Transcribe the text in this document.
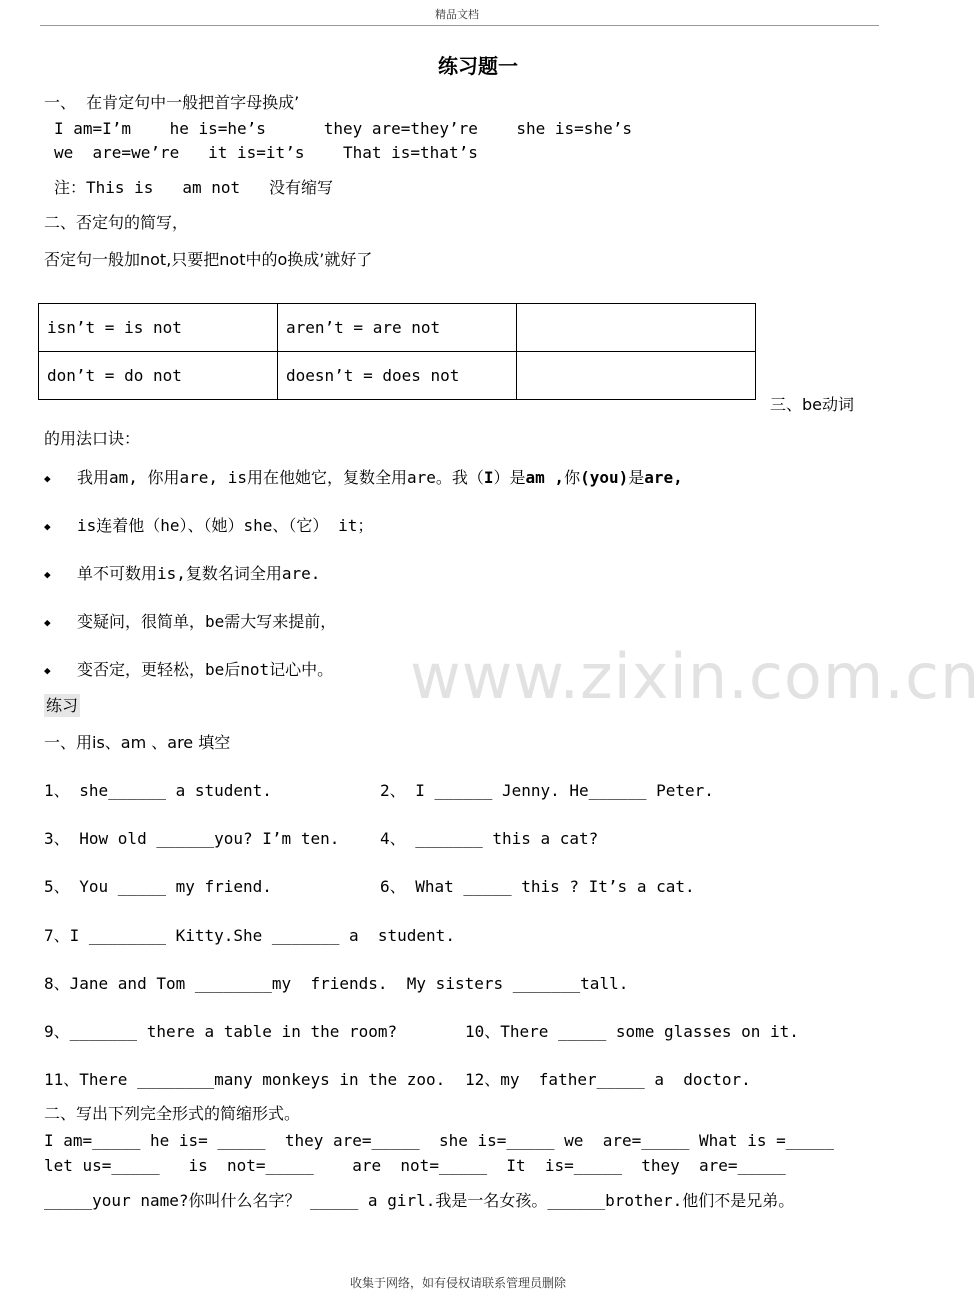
精品文档
练习题一
一、  在肯定句中一般把首字母换成’
I am=I’m    he is=he’s      they are=they’re    she is=she’s
we  are=we’re   it is=it’s    That is=that’s
注：This is   am not   没有缩写
二、否定句的简写，
否定句一般加not,只要把not中的o换成’就好了
isn’t = is not	aren’t = are not	
don’t = do not	doesn’t = does not	
三、be动词
的用法口诀：
◆ 我用am, 你用are, is用在他她它，复数全用are。我（I）是am ,你(you)是are,
◆ is连着他（he）、（她）she、（它） it；
◆ 单不可数用is,复数名词全用are.
◆ 变疑问，很简单，be需大写来提前，
◆ 变否定，更轻松，be后not记心中。 www.zixin.com.cn
练习
一、用is、am 、are 填空
1、 she______ a student.	2、 I ______ Jenny. He______ Peter.
3、 How old ______you? I’m ten.	4、 _______ this a cat?
5、 You _____ my friend.	6、 What _____ this ? It’s a cat.
7、I ________ Kitty.She _______ a  student.
8、Jane and Tom ________my  friends.  My sisters _______tall.
9、_______ there a table in the room?	10、There _____ some glasses on it.
11、There ________many monkeys in the zoo. 12、my  father_____ a  doctor.
二、写出下列完全形式的简缩形式。
I am=_____ he is= _____  they are=_____  she is=_____ we  are=_____ What is =_____
let us=_____   is  not=_____    are  not=_____  It  is=_____  they  are=_____
_____your name?你叫什么名字？ _____ a girl.我是一名女孩。______brother.他们不是兄弟。
收集于网络，如有侵权请联系管理员删除
